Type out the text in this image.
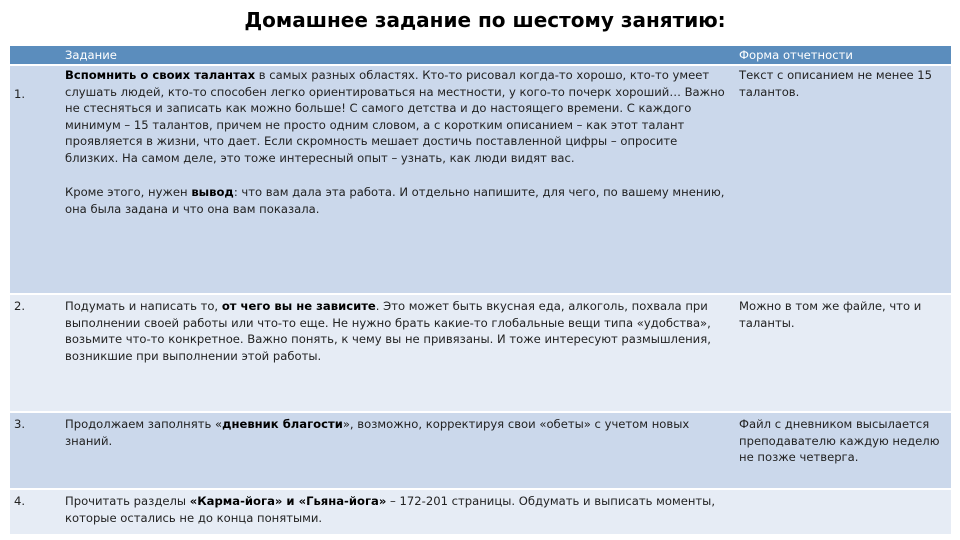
Домашнее задание по шестому занятию:
	Задание	Форма отчетности
1.	Вспомнить о своих талантах в самых разных областях. Кто-то рисовал когда-то хорошо, кто-то умеет слушать людей, кто-то способен легко ориентироваться на местности, у кого-то почерк хороший… Важно не стесняться и записать как можно больше! С самого детства и до настоящего времени. С каждого минимум – 15 талантов, причем не просто одним словом, а с коротким описанием – как этот талант проявляется в жизни, что дает. Если скромность мешает достичь поставленной цифры – опросите близких. На самом деле, это тоже интересный опыт – узнать, как люди видят вас.
Кроме этого, нужен вывод: что вам дала эта работа. И отдельно напишите, для чего, по вашему мнению, она была задана и что она вам показала.	Текст с описанием не менее 15 талантов.
2.	Подумать и написать то, от чего вы не зависите. Это может быть вкусная еда, алкоголь, похвала при выполнении своей работы или что-то еще. Не нужно брать какие-то глобальные вещи типа «удобства», возьмите что-то конкретное. Важно понять, к чему вы не привязаны. И тоже интересуют размышления, возникшие при выполнении этой работы.	Можно в том же файле, что и таланты.
3.	Продолжаем заполнять «дневник благости», возможно, корректируя свои «обеты» с учетом новых знаний.	Файл с дневником высылается преподавателю каждую неделю не позже четверга.
4.	Прочитать разделы «Карма-йога» и «Гьяна-йога» – 172-201 страницы. Обдумать и выписать моменты, которые остались не до конца понятыми.	
